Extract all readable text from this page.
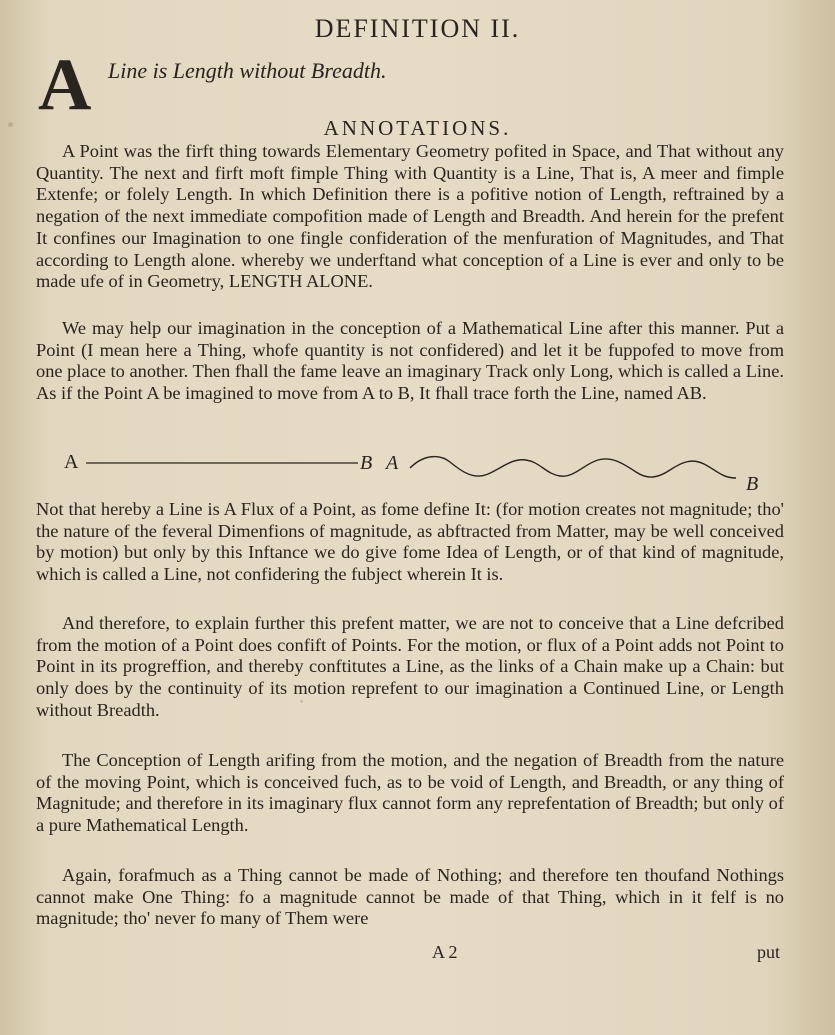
DEFINITION II.
A Line is Length without Breadth.
ANNOTATIONS.

A Point was the firft thing towards Elementary Geometry pofited in Space, and That without any Quantity. The next and firft moft fimple Thing with Quantity is a Line, That is, A meer and fimple Extenfe; or folely Length. In which Definition there is a pofitive notion of Length, reftrained by a negation of the next immediate compofition made of Length and Breadth. And herein for the prefent It confines our Imagination to one fingle confideration of the menfuration of Magnitudes, and That according to Length alone. whereby we underftand what conception of a Line is ever and only to be made ufe of in Geometry, LENGTH ALONE.

We may help our imagination in the conception of a Mathematical Line after this manner. Put a Point (I mean here a Thing, whofe quantity is not confidered) and let it be fuppofed to move from one place to another. Then fhall the fame leave an imaginary Track only Long, which is called a Line. As if the Point A be imagined to move from A to B, It fhall trace forth the Line, named AB.

A	B A
B

Not that hereby a Line is A Flux of a Point, as fome define It: (for motion creates not magnitude; tho' the nature of the feveral Dimenfions of magnitude, as abftracted from Matter, may be well conceived by motion) but only by this Inftance we do give fome Idea of Length, or of that kind of magnitude, which is called a Line, not confidering the fubject wherein It is.

And therefore, to explain further this prefent matter, we are not to conceive that a Line defcribed from the motion of a Point does confift of Points. For the motion, or flux of a Point adds not Point to Point in its progreffion, and thereby conftitutes a Line, as the links of a Chain make up a Chain: but only does by the continuity of its motion reprefent to our imagination a Continued Line, or Length without Breadth.

The Conception of Length arifing from the motion, and the negation of Breadth from the nature of the moving Point, which is conceived fuch, as to be void of Length, and Breadth, or any thing of Magnitude; and therefore in its imaginary flux cannot form any reprefentation of Breadth; but only of a pure Mathematical Length.

Again, forafmuch as a Thing cannot be made of Nothing; and therefore ten thoufand Nothings cannot make One Thing: fo a magnitude cannot be made of that Thing, which in it felf is no magnitude; tho' never fo many of Them were

A 2	put
